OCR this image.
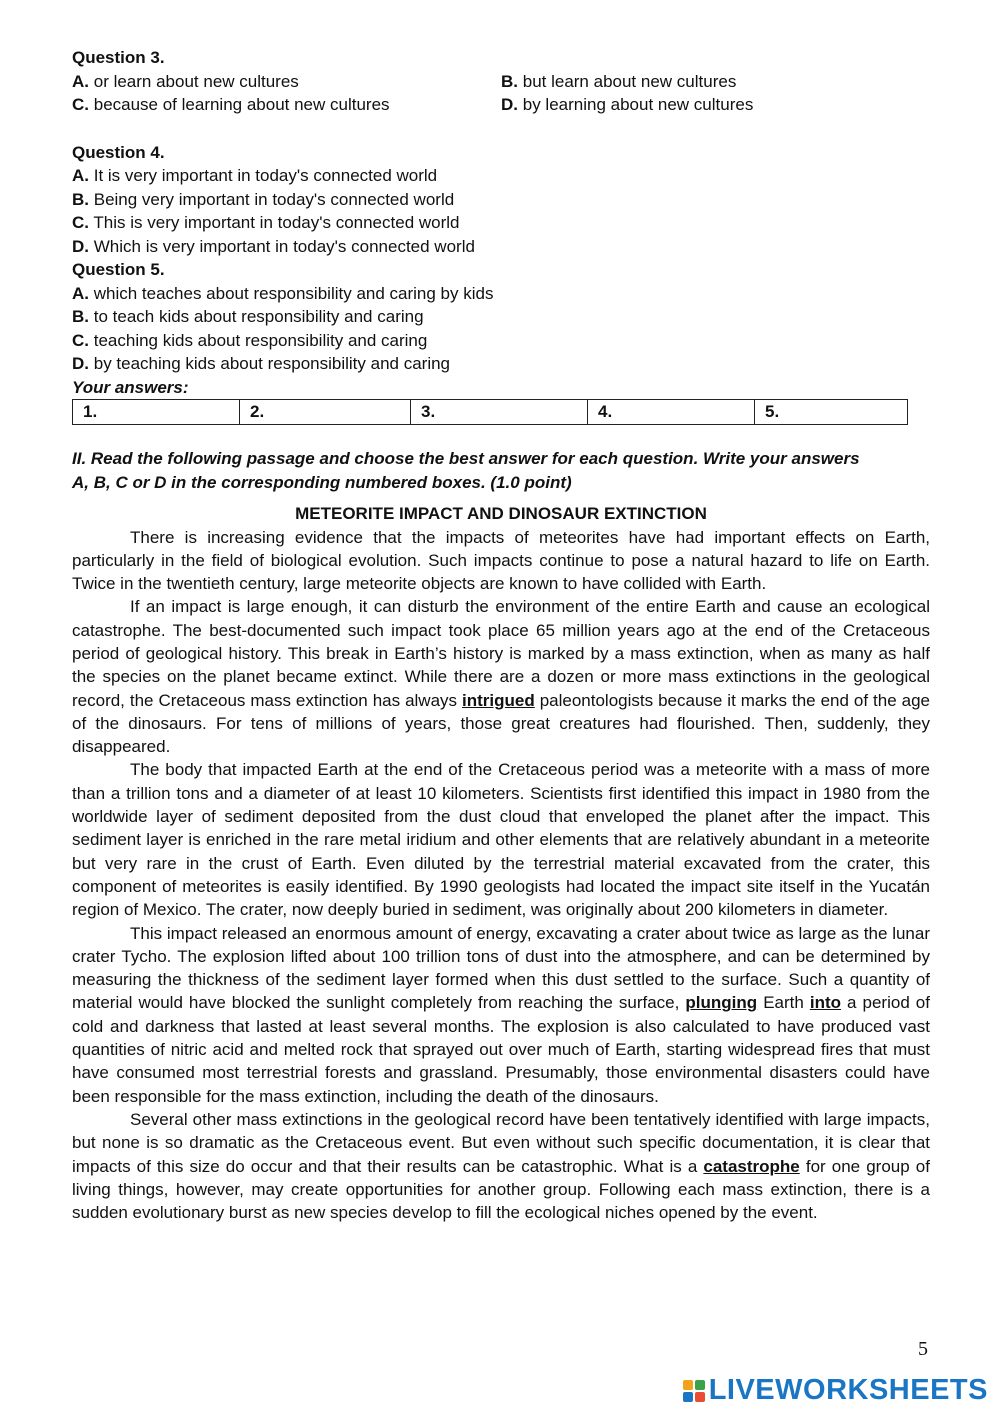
Question 3.

A. or learn about new cultures	B. but learn about new cultures

C. because of learning about new cultures	D. by learning about new cultures

Question 4.

A. It is very important in today's connected world

B. Being very important in today's connected world

C. This is very important in today's connected world

D. Which is very important in today's connected world

Question 5.

A. which teaches about responsibility and caring by kids

B. to teach kids about responsibility and caring

C. teaching kids about responsibility and caring

D. by teaching kids about responsibility and caring

Your answers:

1.	2.	3.	4.	5.

II. Read the following passage and choose the best answer for each question. Write your answers

A, B, C or D in the corresponding numbered boxes. (1.0 point)

METEORITE IMPACT AND DINOSAUR EXTINCTION

There is increasing evidence that the impacts of meteorites have had important effects on Earth, particularly in the field of biological evolution. Such impacts continue to pose a natural hazard to life on Earth. Twice in the twentieth century, large meteorite objects are known to have collided with Earth.

If an impact is large enough, it can disturb the environment of the entire Earth and cause an ecological catastrophe. The best-documented such impact took place 65 million years ago at the end of the Cretaceous period of geological history. This break in Earth’s history is marked by a mass extinction, when as many as half the species on the planet became extinct. While there are a dozen or more mass extinctions in the geological record, the Cretaceous mass extinction has always intrigued paleontologists because it marks the end of the age of the dinosaurs. For tens of millions of years, those great creatures had flourished. Then, suddenly, they disappeared.

The body that impacted Earth at the end of the Cretaceous period was a meteorite with a mass of more than a trillion tons and a diameter of at least 10 kilometers. Scientists first identified this impact in 1980 from the worldwide layer of sediment deposited from the dust cloud that enveloped the planet after the impact. This sediment layer is enriched in the rare metal iridium and other elements that are relatively abundant in a meteorite but very rare in the crust of Earth. Even diluted by the terrestrial material excavated from the crater, this component of meteorites is easily identified. By 1990 geologists had located the impact site itself in the Yucatán region of Mexico. The crater, now deeply buried in sediment, was originally about 200 kilometers in diameter.

This impact released an enormous amount of energy, excavating a crater about twice as large as the lunar crater Tycho. The explosion lifted about 100 trillion tons of dust into the atmosphere, and can be determined by measuring the thickness of the sediment layer formed when this dust settled to the surface. Such a quantity of material would have blocked the sunlight completely from reaching the surface, plunging Earth into a period of cold and darkness that lasted at least several months. The explosion is also calculated to have produced vast quantities of nitric acid and melted rock that sprayed out over much of Earth, starting widespread fires that must have consumed most terrestrial forests and grassland. Presumably, those environmental disasters could have been responsible for the mass extinction, including the death of the dinosaurs.

Several other mass extinctions in the geological record have been tentatively identified with large impacts, but none is so dramatic as the Cretaceous event. But even without such specific documentation, it is clear that impacts of this size do occur and that their results can be catastrophic. What is a catastrophe for one group of living things, however, may create opportunities for another group. Following each mass extinction, there is a sudden evolutionary burst as new species develop to fill the ecological niches opened by the event.

5
LIVEWORKSHEETS
